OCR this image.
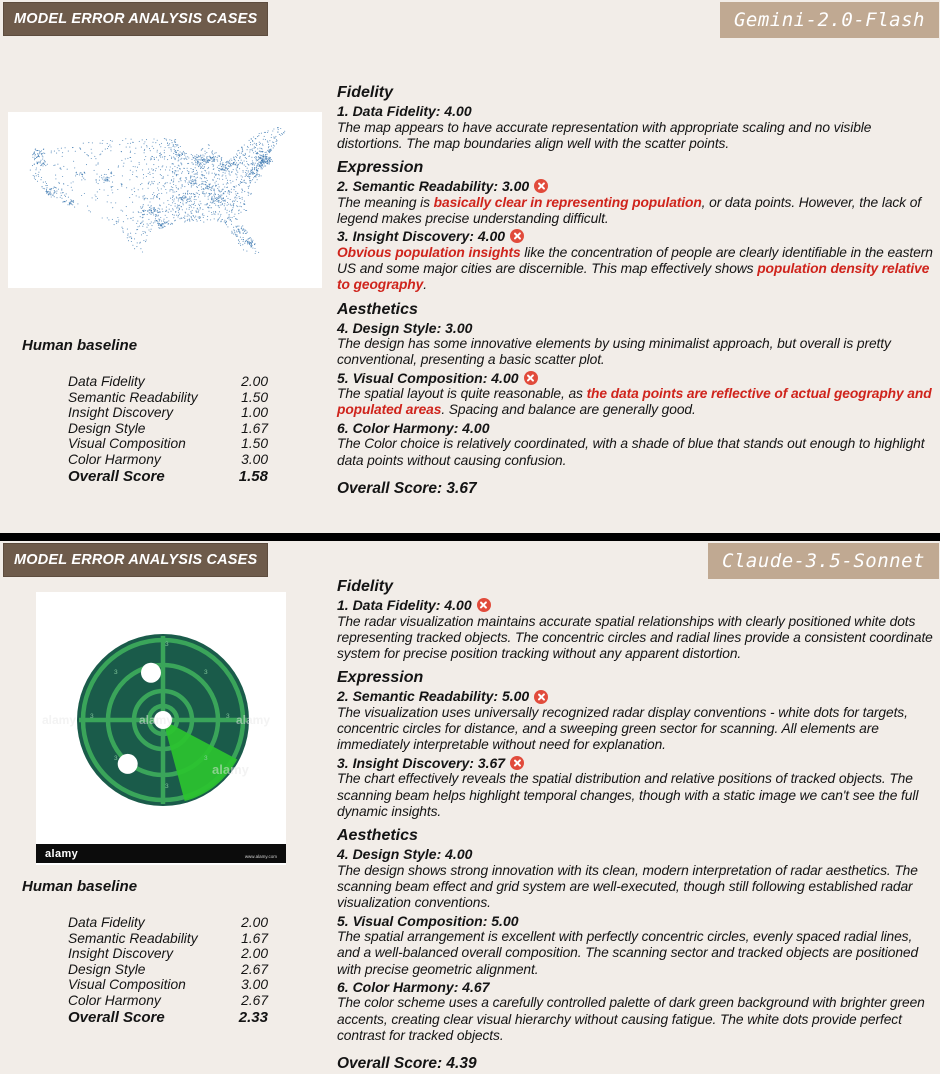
MODEL ERROR ANALYSIS CASES	Gemini-2.0-Flash
Human baseline
Data Fidelity	2.00
Semantic Readability	1.50
Insight Discovery	1.00
Design Style	1.67
Visual Composition	1.50
Color Harmony	3.00
Overall Score	1.58
Fidelity
1. Data Fidelity: 4.00
The map appears to have accurate representation with appropriate scaling and no visible distortions. The map boundaries align well with the scatter points.
Expression
2. Semantic Readability: 3.00
The meaning is basically clear in representing population, or data points. However, the lack of legend makes precise understanding difficult.
3. Insight Discovery: 4.00
Obvious population insights like the concentration of people are clearly identifiable in the eastern US and some major cities are discernible. This map effectively shows population density relative to geography.
Aesthetics
4. Design Style: 3.00
The design has some innovative elements by using minimalist approach, but overall is pretty conventional, presenting a basic scatter plot.
5. Visual Composition: 4.00
The spatial layout is quite reasonable, as the data points are reflective of actual geography and populated areas. Spacing and balance are generally good.
6. Color Harmony: 4.00
The Color choice is relatively coordinated, with a shade of blue that stands out enough to highlight data points without causing confusion.
Overall Score: 3.67
MODEL ERROR ANALYSIS CASES	Claude-3.5-Sonnet
3	3
3	3
3	3
3
3
alamy	alamy
alamy
alamy
alamy	www.alamy.com
Human baseline
Data Fidelity	2.00
Semantic Readability	1.67
Insight Discovery	2.00
Design Style	2.67
Visual Composition	3.00
Color Harmony	2.67
Overall Score	2.33
Fidelity
1. Data Fidelity: 4.00
The radar visualization maintains accurate spatial relationships with clearly positioned white dots representing tracked objects. The concentric circles and radial lines provide a consistent coordinate system for precise position tracking without any apparent distortion.
Expression
2. Semantic Readability: 5.00
The visualization uses universally recognized radar display conventions - white dots for targets, concentric circles for distance, and a sweeping green sector for scanning. All elements are immediately interpretable without need for explanation.
3. Insight Discovery: 3.67
The chart effectively reveals the spatial distribution and relative positions of tracked objects. The scanning beam helps highlight temporal changes, though with a static image we can't see the full dynamic insights.
Aesthetics
4. Design Style: 4.00
The design shows strong innovation with its clean, modern interpretation of radar aesthetics. The scanning beam effect and grid system are well-executed, though still following established radar visualization conventions.
5. Visual Composition: 5.00
The spatial arrangement is excellent with perfectly concentric circles, evenly spaced radial lines, and a well-balanced overall composition. The scanning sector and tracked objects are positioned with precise geometric alignment.
6. Color Harmony: 4.67
The color scheme uses a carefully controlled palette of dark green background with brighter green accents, creating clear visual hierarchy without causing fatigue. The white dots provide perfect contrast for tracked objects.
Overall Score: 4.39
